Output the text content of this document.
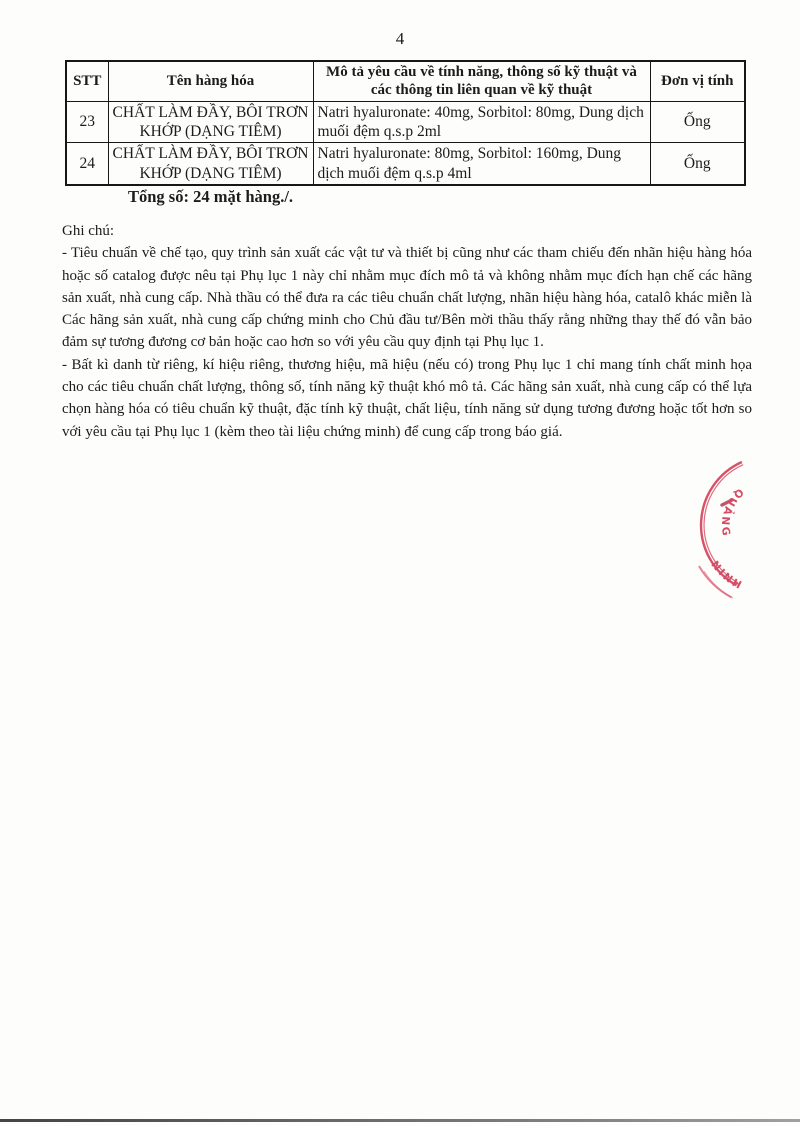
4
STT	Tên hàng hóa	Mô tả yêu cầu về tính năng, thông số kỹ thuật và các thông tin liên quan về kỹ thuật	Đơn vị tính
23	CHẤT LÀM ĐẦY, BÔI TRƠN KHỚP (DẠNG TIÊM)	Natri hyaluronate: 40mg, Sorbitol: 80mg, Dung dịch muối đệm q.s.p 2ml	Ống
24	CHẤT LÀM ĐẦY, BÔI TRƠN KHỚP (DẠNG TIÊM)	Natri hyaluronate: 80mg, Sorbitol: 160mg, Dung dịch muối đệm q.s.p 4ml	Ống
Tổng số: 24 mặt hàng./.
Ghi chú:

- Tiêu chuẩn về chế tạo, quy trình sản xuất các vật tư và thiết bị cũng như các tham chiếu đến nhãn hiệu hàng hóa hoặc số catalog được nêu tại Phụ lục 1 này chỉ nhằm mục đích mô tả và không nhằm mục đích hạn chế các hãng sản xuất, nhà cung cấp. Nhà thầu có thể đưa ra các tiêu chuẩn chất lượng, nhãn hiệu hàng hóa, catalô khác miễn là Các hãng sản xuất, nhà cung cấp chứng minh cho Chủ đầu tư/Bên mời thầu thấy rằng những thay thế đó vẫn bảo đảm sự tương đương cơ bản hoặc cao hơn so với yêu cầu quy định tại Phụ lục 1.

- Bất kì danh từ riêng, kí hiệu riêng, thương hiệu, mã hiệu (nếu có) trong Phụ lục 1 chỉ mang tính chất minh họa cho các tiêu chuẩn chất lượng, thông số, tính năng kỹ thuật khó mô tả. Các hãng sản xuất, nhà cung cấp có thể lựa chọn hàng hóa có tiêu chuẩn kỹ thuật, đặc tính kỹ thuật, chất liệu, tính năng sử dụng tương đương hoặc tốt hơn so với yêu cầu tại Phụ lục 1 (kèm theo tài liệu chứng minh) để cung cấp trong báo giá.

QUẢNG
NINH
